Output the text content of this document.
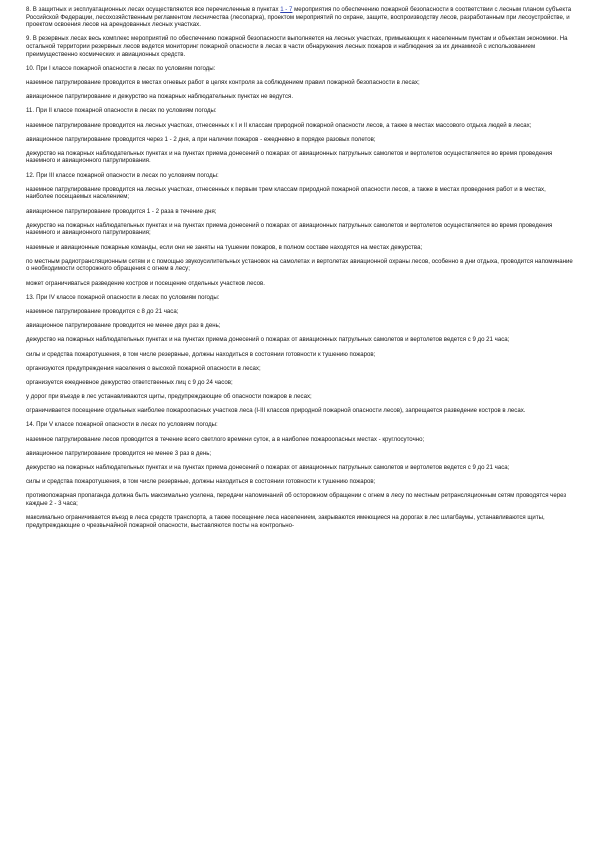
8. В защитных и эксплуатационных лесах осуществляются все перечисленные в пунктах 1 - 7 мероприятия по обеспечению пожарной безопасности в соответствии с лесным планом субъекта Российской Федерации, лесохозяйственным регламентом лесничества (лесопарка), проектом мероприятий по охране, защите, воспроизводству лесов, разработанным при лесоустройстве, и проектом освоения лесов на арендованных лесных участках.

9. В резервных лесах весь комплекс мероприятий по обеспечению пожарной безопасности выполняется на лесных участках, примыкающих к населенным пунктам и объектам экономики. На остальной территории резервных лесов ведется мониторинг пожарной опасности в лесах в части обнаружения лесных пожаров и наблюдения за их динамикой с использованием преимущественно космических и авиационных средств.

10. При I классе пожарной опасности в лесах по условиям погоды:

наземное патрулирование проводится в местах огневых работ в целях контроля за соблюдением правил пожарной безопасности в лесах;

авиационное патрулирование и дежурство на пожарных наблюдательных пунктах не ведутся.

11. При II классе пожарной опасности в лесах по условиям погоды:

наземное патрулирование проводится на лесных участках, отнесенных к I и II классам природной пожарной опасности лесов, а также в местах массового отдыха людей в лесах;

авиационное патрулирование проводится через 1 - 2 дня, а при наличии пожаров - ежедневно в порядке разовых полетов;

дежурство на пожарных наблюдательных пунктах и на пунктах приема донесений о пожарах от авиационных патрульных самолетов и вертолетов осуществляется во время проведения наземного и авиационного патрулирования.

12. При III классе пожарной опасности в лесах по условиям погоды:

наземное патрулирование проводится на лесных участках, отнесенных к первым трем классам природной пожарной опасности лесов, а также в местах проведения работ и в местах, наиболее посещаемых населением;

авиационное патрулирование проводится 1 - 2 раза в течение дня;

дежурство на пожарных наблюдательных пунктах и на пунктах приема донесений о пожарах от авиационных патрульных самолетов и вертолетов осуществляется во время проведения наземного и авиационного патрулирования;

наземные и авиационные пожарные команды, если они не заняты на тушении пожаров, в полном составе находятся на местах дежурства;

по местным радиотрансляционным сетям и с помощью звукоусилительных установок на самолетах и вертолетах авиационной охраны лесов, особенно в дни отдыха, проводится напоминание о необходимости осторожного обращения с огнем в лесу;

может ограничиваться разведение костров и посещение отдельных участков лесов.

13. При IV классе пожарной опасности в лесах по условиям погоды:

наземное патрулирование проводится с 8 до 21 часа;

авиационное патрулирование проводится не менее двух раз в день;

дежурство на пожарных наблюдательных пунктах и на пунктах приема донесений о пожарах от авиационных патрульных самолетов и вертолетов ведется с 9 до 21 часа;

силы и средства пожаротушения, в том числе резервные, должны находиться в состоянии готовности к тушению пожаров;

организуются предупреждения населения о высокой пожарной опасности в лесах;

организуется ежедневное дежурство ответственных лиц с 9 до 24 часов;

у дорог при въезде в лес устанавливаются щиты, предупреждающие об опасности пожаров в лесах;

ограничивается посещение отдельных наиболее пожароопасных участков леса (I-III классов природной пожарной опасности лесов), запрещается разведение костров в лесах.

14. При V классе пожарной опасности в лесах по условиям погоды:

наземное патрулирование лесов проводится в течение всего светлого времени суток, а в наиболее пожароопасных местах - круглосуточно;

авиационное патрулирование проводится не менее 3 раз в день;

дежурство на пожарных наблюдательных пунктах и на пунктах приема донесений о пожарах от авиационных патрульных самолетов и вертолетов ведется с 9 до 21 часа;

силы и средства пожаротушения, в том числе резервные, должны находиться в состоянии готовности к тушению пожаров;

противопожарная пропаганда должна быть максимально усилена, передачи напоминаний об осторожном обращении с огнем в лесу по местным ретрансляционным сетям проводятся через каждые 2 - 3 часа;

максимально ограничивается въезд в леса средств транспорта, а также посещение леса населением, закрываются имеющиеся на дорогах в лес шлагбаумы, устанавливаются щиты, предупреждающие о чрезвычайной пожарной опасности, выставляются посты на контрольно-
